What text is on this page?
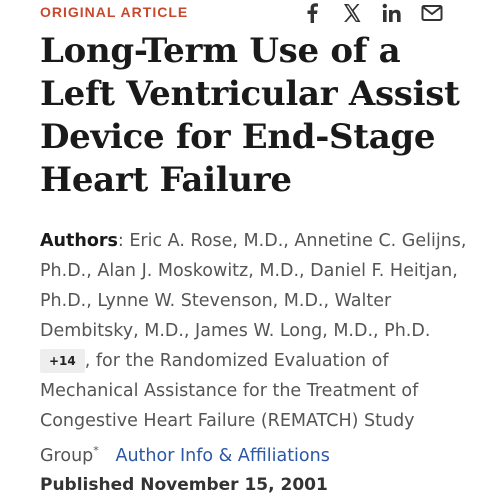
ORIGINAL ARTICLE
Long-Term Use of a Left Ventricular Assist Device for End-Stage Heart Failure

Authors: Eric A. Rose, M.D., Annetine C. Gelijns, Ph.D., Alan J. Moskowitz, M.D., Daniel F. Heitjan, Ph.D., Lynne W. Stevenson, M.D., Walter Dembitsky, M.D., James W. Long, M.D., Ph.D.
+14 , for the Randomized Evaluation of Mechanical Assistance for the Treatment of Congestive Heart Failure (REMATCH) Study Group* Author Info & Affiliations

Published November 15, 2001
